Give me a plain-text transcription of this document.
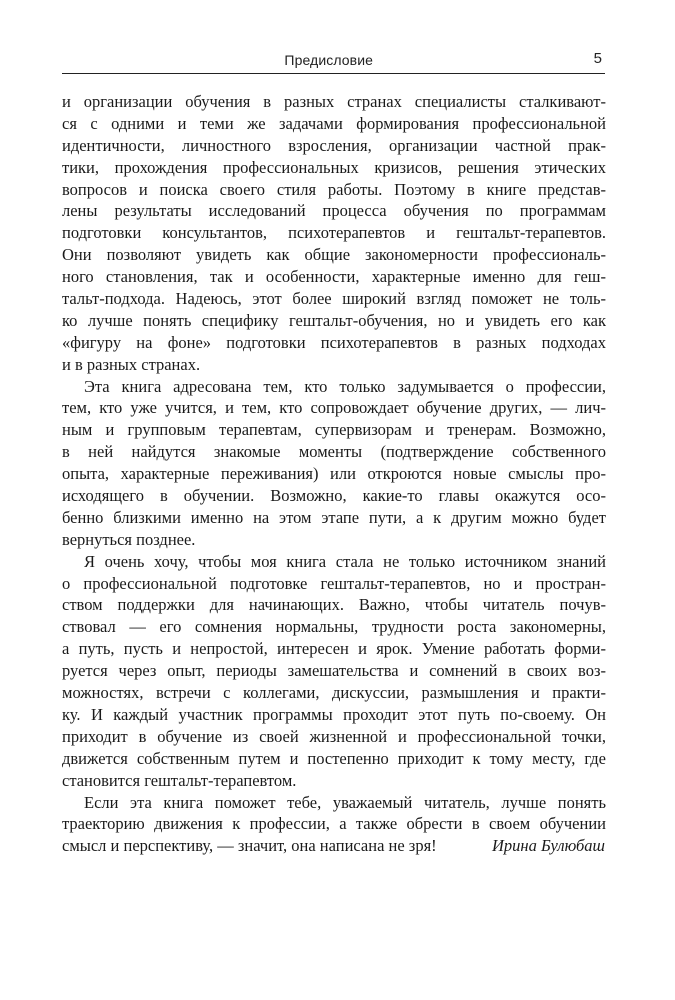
Предисловие	5
и организации обучения в разных странах специалисты сталкивают-
ся с одними и теми же задачами формирования профессиональной
идентичности, личностного взросления, организации частной прак-
тики, прохождения профессиональных кризисов, решения этических
вопросов и поиска своего стиля работы. Поэтому в книге представ-
лены результаты исследований процесса обучения по программам
подготовки консультантов, психотерапевтов и гештальт-терапевтов.
Они позволяют увидеть как общие закономерности профессиональ-
ного становления, так и особенности, характерные именно для геш-
тальт-подхода. Надеюсь, этот более широкий взгляд поможет не толь-
ко лучше понять специфику гештальт-обучения, но и увидеть его как
«фигуру на фоне» подготовки психотерапевтов в разных подходах
и в разных странах.
Эта книга адресована тем, кто только задумывается о профессии,
тем, кто уже учится, и тем, кто сопровождает обучение других, — лич-
ным и групповым терапевтам, супервизорам и тренерам. Возможно,
в ней найдутся знакомые моменты (подтверждение собственного
опыта, характерные переживания) или откроются новые смыслы про-
исходящего в обучении. Возможно, какие-то главы окажутся осо-
бенно близкими именно на этом этапе пути, а к другим можно будет
вернуться позднее.
Я очень хочу, чтобы моя книга стала не только источником знаний
о профессиональной подготовке гештальт-терапевтов, но и простран-
ством поддержки для начинающих. Важно, чтобы читатель почув-
ствовал — его сомнения нормальны, трудности роста закономерны,
а путь, пусть и непростой, интересен и ярок. Умение работать форми-
руется через опыт, периоды замешательства и сомнений в своих воз-
можностях, встречи с коллегами, дискуссии, размышления и практи-
ку. И каждый участник программы проходит этот путь по-своему. Он
приходит в обучение из своей жизненной и профессиональной точки,
движется собственным путем и постепенно приходит к тому месту, где
становится гештальт-терапевтом.
Если эта книга поможет тебе, уважаемый читатель, лучше понять
траекторию движения к профессии, а также обрести в своем обучении
смысл и перспективу, — значит, она написана не зря!	Ирина Булюбаш
